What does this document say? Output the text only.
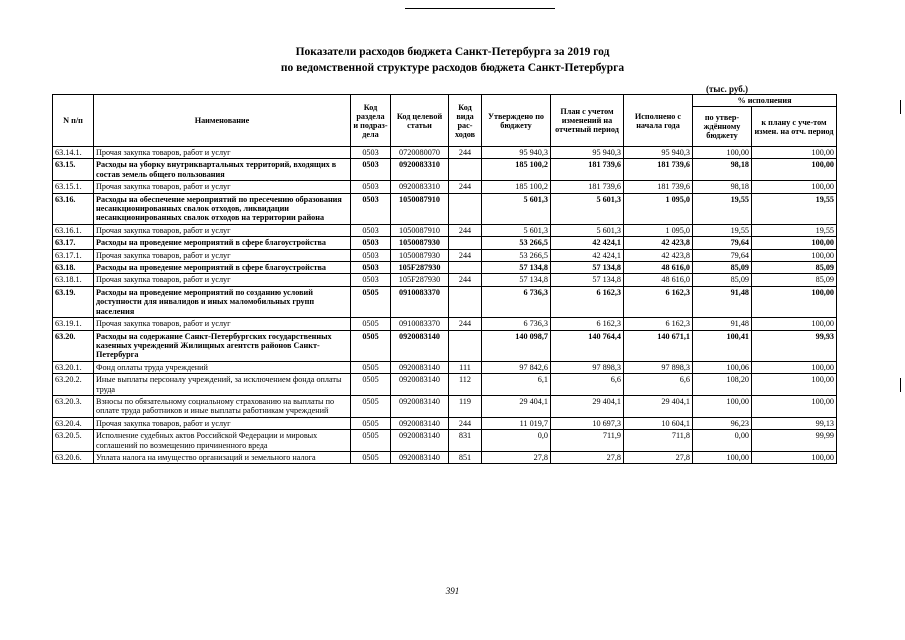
Показатели расходов бюджета Санкт-Петербурга за 2019 год
по ведомственной структуре расходов бюджета Санкт-Петербурга
(тыс. руб.)
N п/п	Наименование	Код раздела и подраз-дела	Код целевой статьи	Код вида рас-ходов	Утверждено по бюджету	План с учетом изменений на отчетный период	Исполнено с начала года	% исполнения	
								по утвер-ждённому бюджету	к плану с уче-том измен. на отч. период
63.14.1.	Прочая закупка товаров, работ и услуг	0503	0720080070	244	95 940,3	95 940,3	95 940,3	100,00	100,00
63.15.	Расходы на уборку внутриквартальных территорий, входящих в состав земель общего пользования	0503	0920083310		185 100,2	181 739,6	181 739,6	98,18	100,00
63.15.1.	Прочая закупка товаров, работ и услуг	0503	0920083310	244	185 100,2	181 739,6	181 739,6	98,18	100,00
63.16.	Расходы на обеспечение мероприятий по пресечению образования несанкционированных свалок отходов, ликвидации несанкционированных свалок отходов на территории района	0503	1050087910		5 601,3	5 601,3	1 095,0	19,55	19,55
63.16.1.	Прочая закупка товаров, работ и услуг	0503	1050087910	244	5 601,3	5 601,3	1 095,0	19,55	19,55
63.17.	Расходы на проведение мероприятий в сфере благоустройства	0503	1050087930		53 266,5	42 424,1	42 423,8	79,64	100,00
63.17.1.	Прочая закупка товаров, работ и услуг	0503	1050087930	244	53 266,5	42 424,1	42 423,8	79,64	100,00
63.18.	Расходы на проведение мероприятий в сфере благоустройства	0503	105F287930		57 134,8	57 134,8	48 616,0	85,09	85,09
63.18.1.	Прочая закупка товаров, работ и услуг	0503	105F287930	244	57 134,8	57 134,8	48 616,0	85,09	85,09
63.19.	Расходы на проведение мероприятий по созданию условий доступности для инвалидов и иных маломобильных групп населения	0505	0910083370		6 736,3	6 162,3	6 162,3	91,48	100,00
63.19.1.	Прочая закупка товаров, работ и услуг	0505	0910083370	244	6 736,3	6 162,3	6 162,3	91,48	100,00
63.20.	Расходы на содержание Санкт-Петербургских государственных казенных учреждений Жилищных агентств районов Санкт-Петербурга	0505	0920083140		140 098,7	140 764,4	140 671,1	100,41	99,93
63.20.1.	Фонд оплаты труда учреждений	0505	0920083140	111	97 842,6	97 898,3	97 898,3	100,06	100,00
63.20.2.	Иные выплаты персоналу учреждений, за исключением фонда оплаты труда	0505	0920083140	112	6,1	6,6	6,6	108,20	100,00
63.20.3.	Взносы по обязательному социальному страхованию на выплаты по оплате труда работников и иные выплаты работникам учреждений	0505	0920083140	119	29 404,1	29 404,1	29 404,1	100,00	100,00
63.20.4.	Прочая закупка товаров, работ и услуг	0505	0920083140	244	11 019,7	10 697,3	10 604,1	96,23	99,13
63.20.5.	Исполнение судебных актов Российской Федерации и мировых соглашений по возмещению причиненного вреда	0505	0920083140	831	0,0	711,9	711,8	0,00	99,99
63.20.6.	Уплата налога на имущество организаций и земельного налога	0505	0920083140	851	27,8	27,8	27,8	100,00	100,00
391
